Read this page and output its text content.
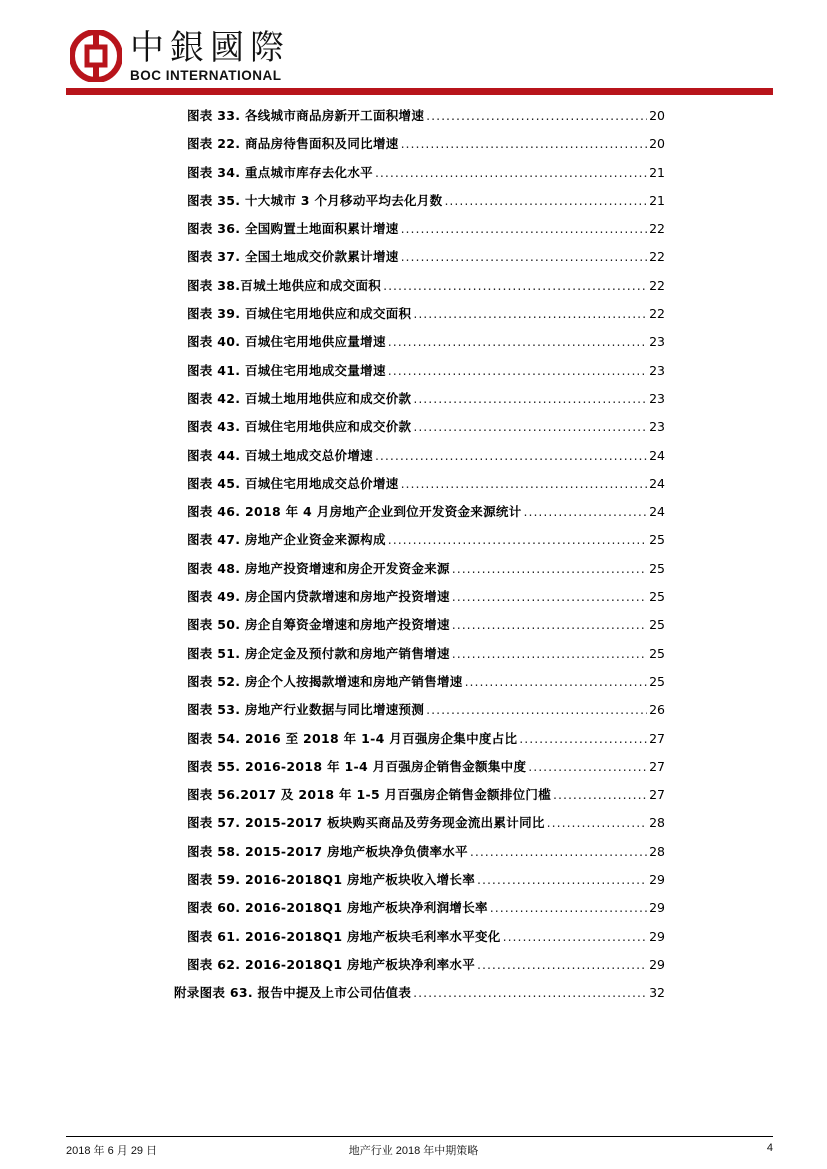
中銀國際
BOC INTERNATIONAL
图表 33. 各线城市商品房新开工面积增速 .....	20
图表 22. 商品房待售面积及同比增速 .....	20
图表 34. 重点城市库存去化水平 .....	21
图表 35. 十大城市 3 个月移动平均去化月数 .....	21
图表 36. 全国购置土地面积累计增速 .....	22
图表 37. 全国土地成交价款累计增速 .....	22
图表 38.百城土地供应和成交面积 .....	22
图表 39. 百城住宅用地供应和成交面积 .....	22
图表 40. 百城住宅用地供应量增速 .....	23
图表 41. 百城住宅用地成交量增速 .....	23
图表 42. 百城土地用地供应和成交价款 .....	23
图表 43. 百城住宅用地供应和成交价款 .....	23
图表 44. 百城土地成交总价增速 .....	24
图表 45. 百城住宅用地成交总价增速 .....	24
图表 46. 2018 年 4 月房地产企业到位开发资金来源统计 .....	24
图表 47. 房地产企业资金来源构成 .....	25
图表 48. 房地产投资增速和房企开发资金来源 .....	25
图表 49. 房企国内贷款增速和房地产投资增速 .....	25
图表 50. 房企自筹资金增速和房地产投资增速 .....	25
图表 51. 房企定金及预付款和房地产销售增速 .....	25
图表 52. 房企个人按揭款增速和房地产销售增速 .....	25
图表 53. 房地产行业数据与同比增速预测 .....	26
图表 54. 2016 至 2018 年 1-4 月百强房企集中度占比 .....	27
图表 55. 2016-2018 年 1-4 月百强房企销售金额集中度 .....	27
图表 56.2017 及 2018 年 1-5 月百强房企销售金额排位门槛 .....	27
图表 57. 2015-2017 板块购买商品及劳务现金流出累计同比 .....	28
图表 58. 2015-2017 房地产板块净负债率水平 .....	28
图表 59. 2016-2018Q1 房地产板块收入增长率 .....	29
图表 60. 2016-2018Q1 房地产板块净利润增长率 .....	29
图表 61. 2016-2018Q1 房地产板块毛利率水平变化 .....	29
图表 62. 2016-2018Q1 房地产板块净利率水平 .....	29
附录图表 63. 报告中提及上市公司估值表 .....	32
2018 年 6 月 29 日	地产行业 2018 年中期策略	4
